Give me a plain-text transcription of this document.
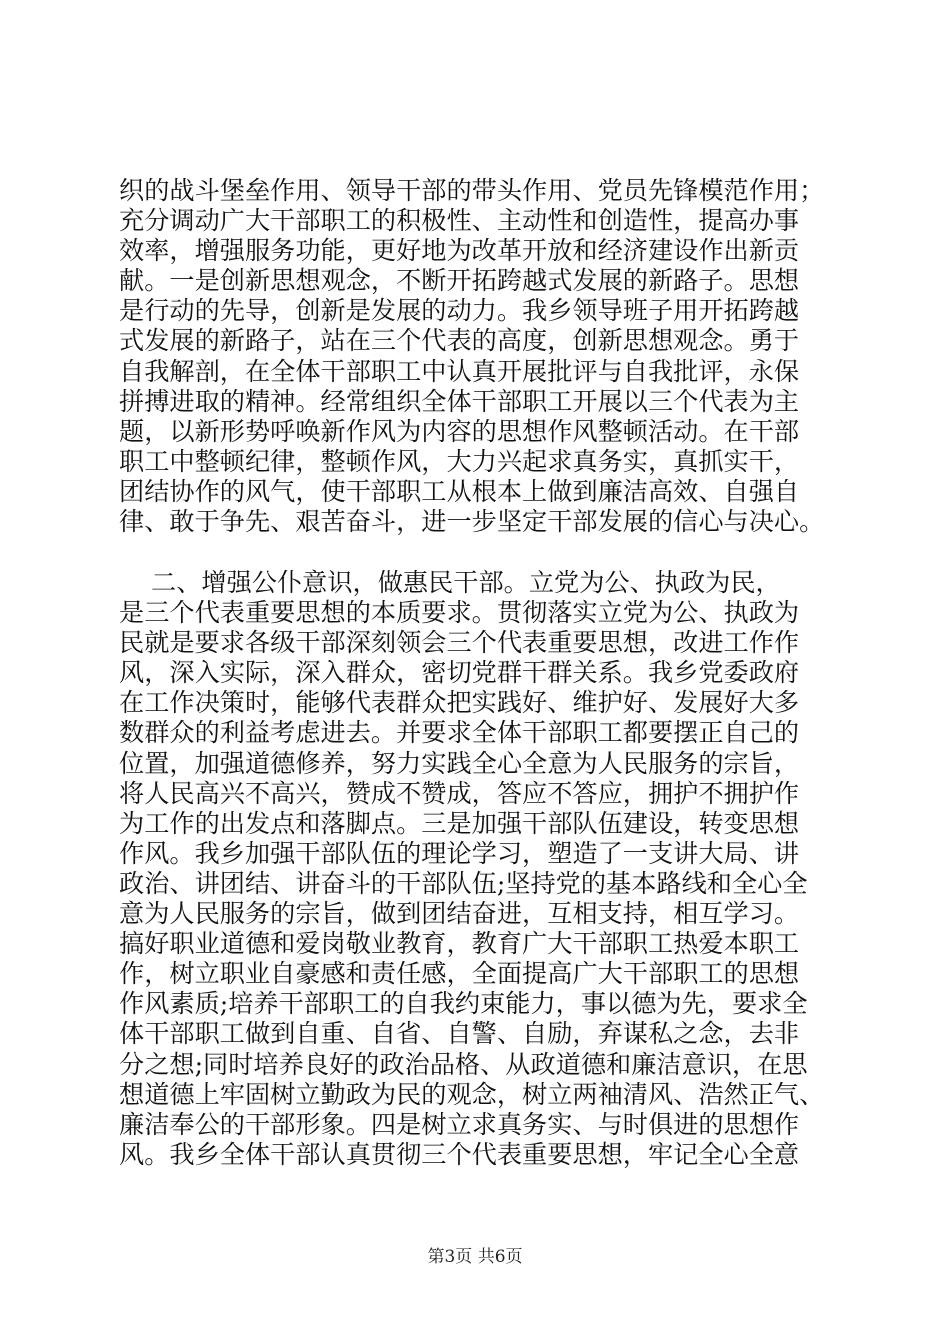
织的战斗堡垒作用、领导干部的带头作用、党员先锋模范作用；
充分调动广大干部职工的积极性、主动性和创造性，提高办事
效率，增强服务功能，更好地为改革开放和经济建设作出新贡
献。一是创新思想观念，不断开拓跨越式发展的新路子。思想
是行动的先导，创新是发展的动力。我乡领导班子用开拓跨越
式发展的新路子，站在三个代表的高度，创新思想观念。勇于
自我解剖，在全体干部职工中认真开展批评与自我批评，永保
拼搏进取的精神。经常组织全体干部职工开展以三个代表为主
题，以新形势呼唤新作风为内容的思想作风整顿活动。在干部
职工中整顿纪律，整顿作风，大力兴起求真务实，真抓实干，
团结协作的风气，使干部职工从根本上做到廉洁高效、自强自
律、敢于争先、艰苦奋斗，进一步坚定干部发展的信心与决心。
二、增强公仆意识，做惠民干部。立党为公、执政为民，
是三个代表重要思想的本质要求。贯彻落实立党为公、执政为
民就是要求各级干部深刻领会三个代表重要思想，改进工作作
风，深入实际，深入群众，密切党群干群关系。我乡党委政府
在工作决策时，能够代表群众把实践好、维护好、发展好大多
数群众的利益考虑进去。并要求全体干部职工都要摆正自己的
位置，加强道德修养，努力实践全心全意为人民服务的宗旨，
将人民高兴不高兴，赞成不赞成，答应不答应，拥护不拥护作
为工作的出发点和落脚点。三是加强干部队伍建设，转变思想
作风。我乡加强干部队伍的理论学习，塑造了一支讲大局、讲
政治、讲团结、讲奋斗的干部队伍;坚持党的基本路线和全心全
意为人民服务的宗旨，做到团结奋进，互相支持，相互学习。
搞好职业道德和爱岗敬业教育，教育广大干部职工热爱本职工
作，树立职业自豪感和责任感，全面提高广大干部职工的思想
作风素质;培养干部职工的自我约束能力，事以德为先，要求全
体干部职工做到自重、自省、自警、自励，弃谋私之念，去非
分之想;同时培养良好的政治品格、从政道德和廉洁意识，在思
想道德上牢固树立勤政为民的观念，树立两袖清风、浩然正气、
廉洁奉公的干部形象。四是树立求真务实、与时俱进的思想作
风。我乡全体干部认真贯彻三个代表重要思想，牢记全心全意
第3页 共6页
